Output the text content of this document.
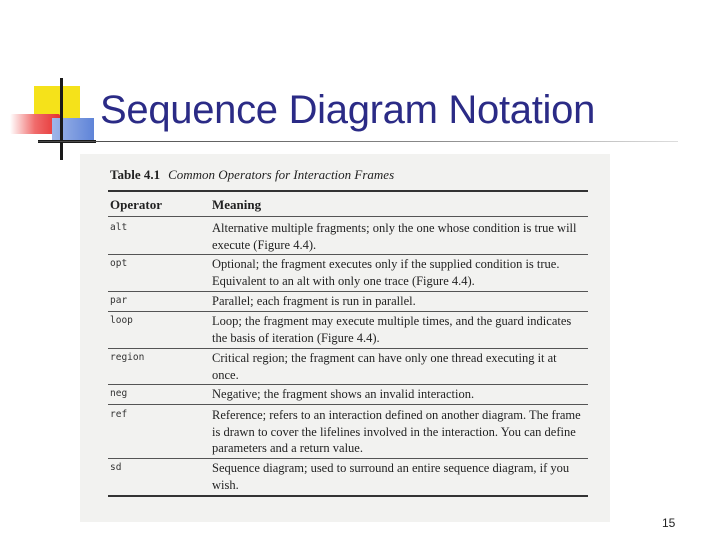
Sequence Diagram Notation
Table 4.1 Common Operators for Interaction Frames
Operator	Meaning
alt	Alternative multiple fragments; only the one whose condition is true will execute (Figure 4.4).
opt	Optional; the fragment executes only if the supplied condition is true. Equivalent to an alt with only one trace (Figure 4.4).
par	Parallel; each fragment is run in parallel.
loop	Loop; the fragment may execute multiple times, and the guard indicates the basis of iteration (Figure 4.4).
region	Critical region; the fragment can have only one thread executing it at once.
neg	Negative; the fragment shows an invalid interaction.
ref	Reference; refers to an interaction defined on another diagram. The frame is drawn to cover the lifelines involved in the interaction. You can define parameters and a return value.
sd	Sequence diagram; used to surround an entire sequence diagram, if you wish.
15
